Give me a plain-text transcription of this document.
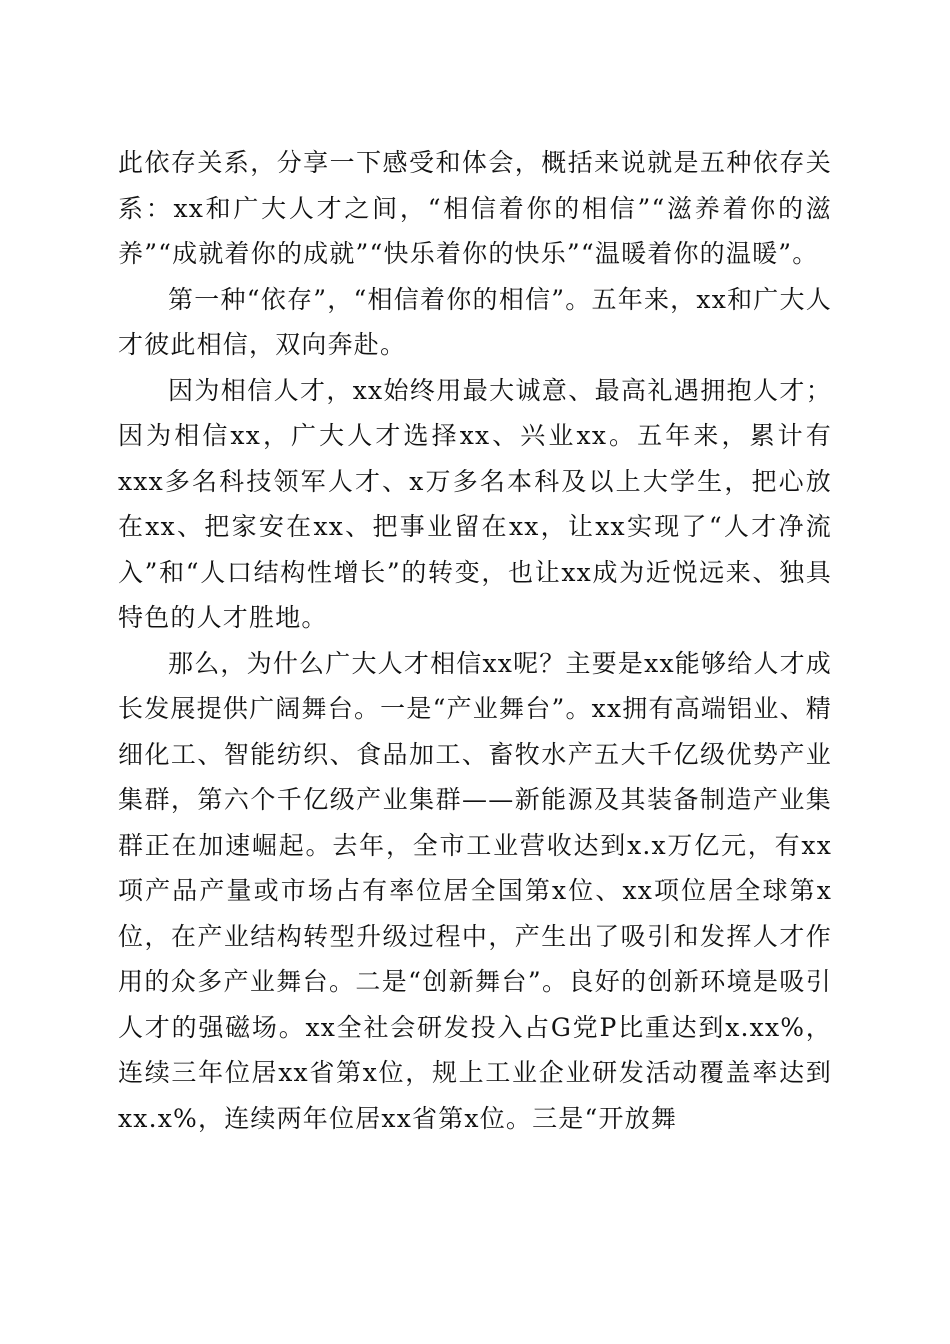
此依存关系，分享一下感受和体会，概括来说就是五种依存关系：xx和广大人才之间，“相信着你的相信”“滋养着你的滋养”“成就着你的成就”“快乐着你的快乐”“温暖着你的温暖”。

第一种“依存”，“相信着你的相信”。五年来，xx和广大人才彼此相信，双向奔赴。

因为相信人才，xx始终用最大诚意、最高礼遇拥抱人才；因为相信xx，广大人才选择xx、兴业xx。五年来，累计有xxx多名科技领军人才、x万多名本科及以上大学生，把心放在xx、把家安在xx、把事业留在xx，让xx实现了“人才净流入”和“人口结构性增长”的转变，也让xx成为近悦远来、独具特色的人才胜地。

那么，为什么广大人才相信xx呢？主要是xx能够给人才成长发展提供广阔舞台。一是“产业舞台”。xx拥有高端铝业、精细化工、智能纺织、食品加工、畜牧水产五大千亿级优势产业集群，第六个千亿级产业集群——新能源及其装备制造产业集群正在加速崛起。去年，全市工业营收达到x.x万亿元，有xx项产品产量或市场占有率位居全国第x位、xx项位居全球第x位，在产业结构转型升级过程中，产生出了吸引和发挥人才作用的众多产业舞台。二是“创新舞台”。良好的创新环境是吸引人才的强磁场。xx全社会研发投入占G党P比重达到x.xx%，连续三年位居xx省第x位，规上工业企业研发活动覆盖率达到xx.x%，连续两年位居xx省第x位。三是“开放舞
